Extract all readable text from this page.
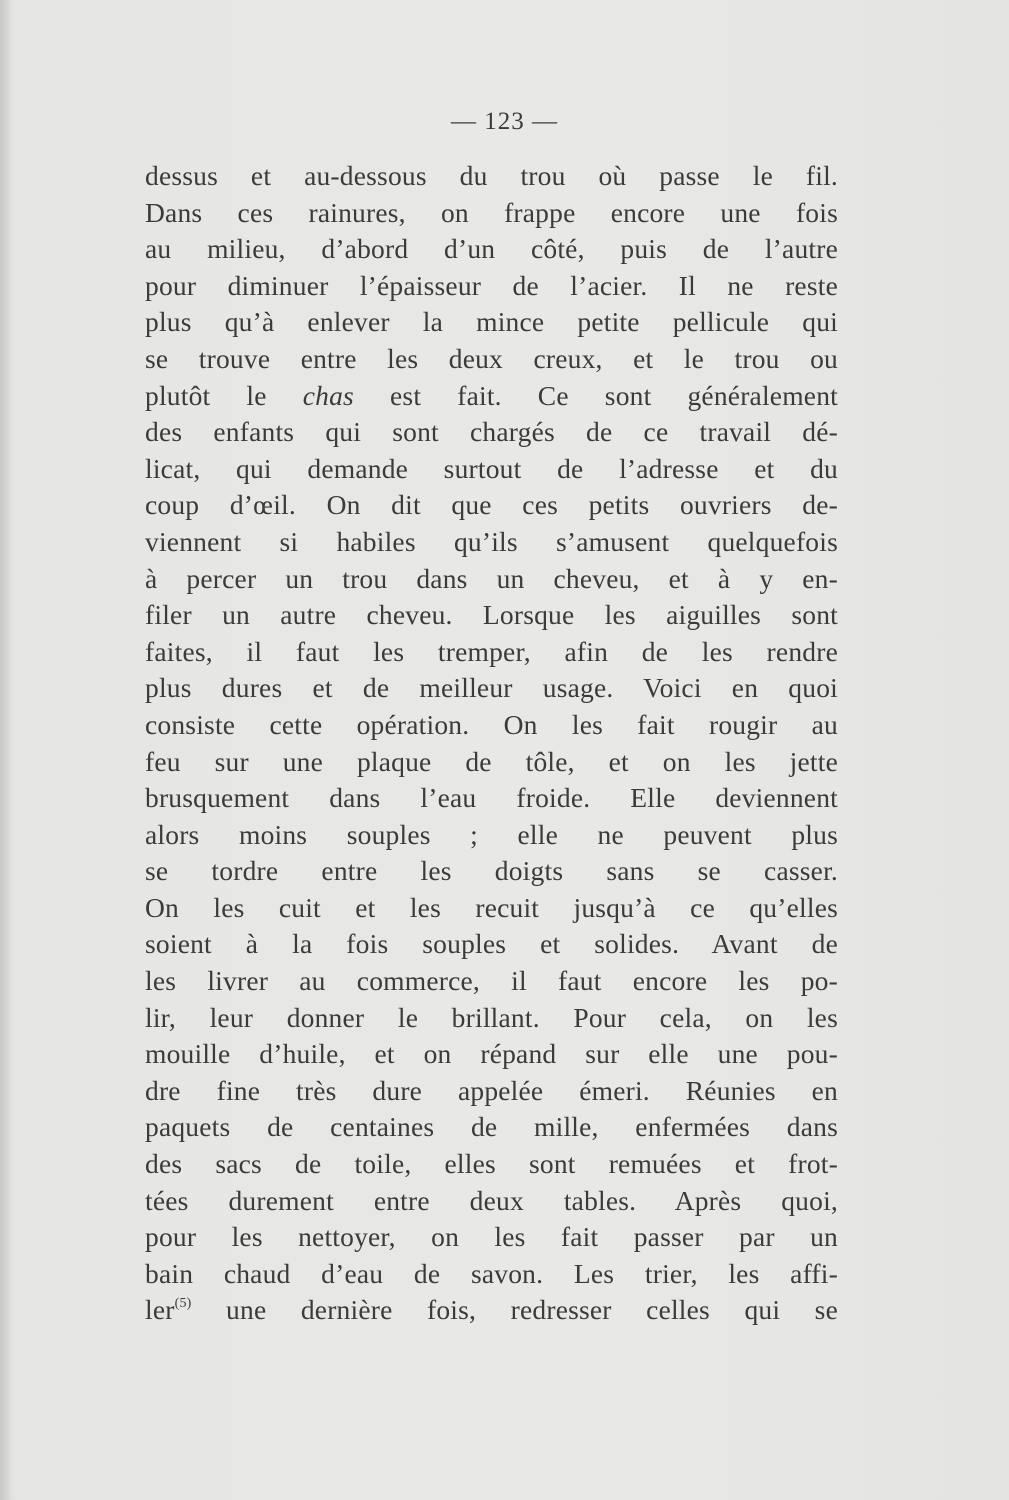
— 123 —
dessus et au-dessous du trou où passe le fil.
Dans ces rainures, on frappe encore une fois
au milieu, d’abord d’un côté, puis de l’autre
pour diminuer l’épaisseur de l’acier. Il ne reste
plus qu’à enlever la mince petite pellicule qui
se trouve entre les deux creux, et le trou ou
plutôt le chas est fait. Ce sont généralement
des enfants qui sont chargés de ce travail dé-
licat, qui demande surtout de l’adresse et du
coup d’œil. On dit que ces petits ouvriers de-
viennent si habiles qu’ils s’amusent quelquefois
à percer un trou dans un cheveu, et à y en-
filer un autre cheveu. Lorsque les aiguilles sont
faites, il faut les tremper, afin de les rendre
plus dures et de meilleur usage. Voici en quoi
consiste cette opération. On les fait rougir au
feu sur une plaque de tôle, et on les jette
brusquement dans l’eau froide. Elle deviennent
alors moins souples ; elle ne peuvent plus
se tordre entre les doigts sans se casser.
On les cuit et les recuit jusqu’à ce qu’elles
soient à la fois souples et solides. Avant de
les livrer au commerce, il faut encore les po-
lir, leur donner le brillant. Pour cela, on les
mouille d’huile, et on répand sur elle une pou-
dre fine très dure appelée émeri. Réunies en
paquets de centaines de mille, enfermées dans
des sacs de toile, elles sont remuées et frot-
tées durement entre deux tables. Après quoi,
pour les nettoyer, on les fait passer par un
bain chaud d’eau de savon. Les trier, les affi-
ler$^{(5)}$ une dernière fois, redresser celles qui se
